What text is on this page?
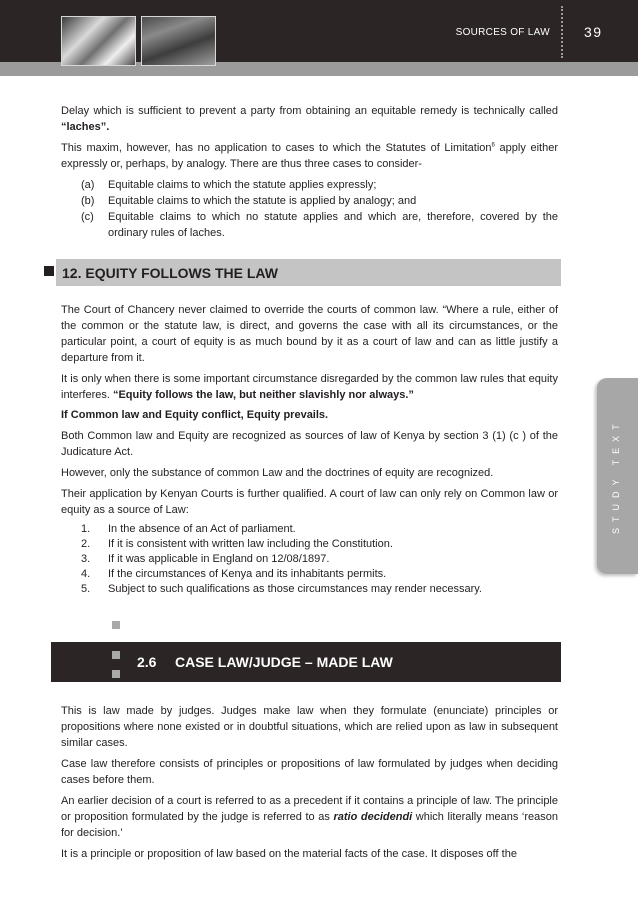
SOURCES OF LAW 39
STUDY TEXT

Delay which is sufficient to prevent a party from obtaining an equitable remedy is technically called “laches”.

This maxim, however, has no application to cases to which the Statutes of Limitation$^6$ apply either expressly or, perhaps, by analogy. There are thus three cases to consider-

(a)	Equitable claims to which the statute applies expressly;
(b)	Equitable claims to which the statute is applied by analogy; and
(c)	Equitable claims to which no statute applies and which are, therefore, covered by the ordinary rules of laches.
12. EQUITY FOLLOWS THE LAW

The Court of Chancery never claimed to override the courts of common law. “Where a rule, either of the common or the statute law, is direct, and governs the case with all its circumstances, or the particular point, a court of equity is as much bound by it as a court of law and can as little justify a departure from it.

It is only when there is some important circumstance disregarded by the common law rules that equity interferes. “Equity follows the law, but neither slavishly nor always.”

If Common law and Equity conflict, Equity prevails.

Both Common law and Equity are recognized as sources of law of Kenya by section 3 (1) (c ) of the Judicature Act.

However, only the substance of common Law and the doctrines of equity are recognized.

Their application by Kenyan Courts is further qualified. A court of law can only rely on Common law or equity as a source of Law:

1.	In the absence of an Act of parliament.
2.	If it is consistent with written law including the Constitution.
3.	If it was applicable in England on 12/08/1897.
4.	If the circumstances of Kenya and its inhabitants permits.
5.	Subject to such qualifications as those circumstances may render necessary.
2.6 CASE LAW/JUDGE – MADE LAW

This is law made by judges. Judges make law when they formulate (enunciate) principles or propositions where none existed or in doubtful situations, which are relied upon as law in subsequent similar cases.

Case law therefore consists of principles or propositions of law formulated by judges when deciding cases before them.

An earlier decision of a court is referred to as a precedent if it contains a principle of law. The principle or proposition formulated by the judge is referred to as ratio decidendi which literally means ‘reason for decision.’

It is a principle or proposition of law based on the material facts of the case. It disposes off the
